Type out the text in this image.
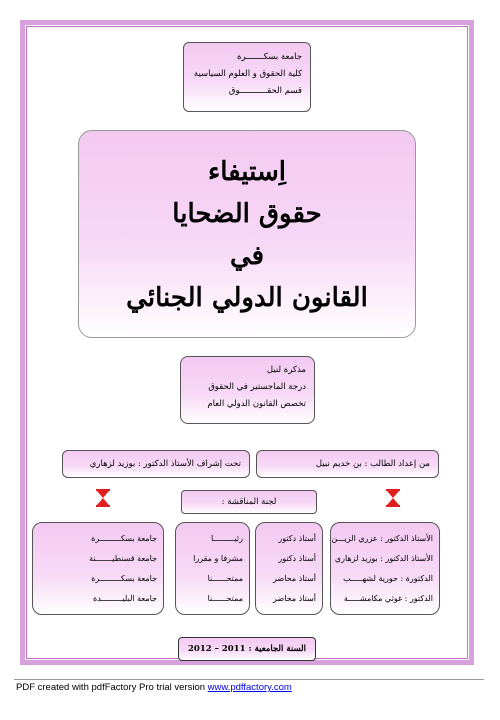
جامعة بسكـــــــرة
كلية الحقوق و العلوم السياسية
قسم الحقـــــــــــوق
اِستيفاء
حقوق الضحايا
في
القانون الدولي الجنائي
مذكرة لنيل
درجة الماجستير في الحقوق
تخصص القانون الدولي العام
من إعداد الطالب : بن خديم نبيل
تحت إشراف الأستاذ الدكتور : بوزيد لزهاري
لجنة المناقشة :
الأستاذ الدكتور : عزري الزيـــن
الأستاذ الدكتور : بوزيد لزهاري
الدكتورة : حورية لشهـــــب
الدكتور : غوثي مكامشـــــة
أستاذ دكتور
أستاذ دكتور
أستاذ محاضر
أستاذ محاضر
رئيـــــــــا
مشرفا و مقررا
ممتحــــــنا
ممتحــــــنا
جامعة بسكـــــــــرة
جامعة قسنطيـــــــنة
جامعة بسكـــــــــرة
جامعة البليـــــــــدة
السنة الجامعية : 2011 – 2012
PDF created with pdfFactory Pro trial version www.pdffactory.com
